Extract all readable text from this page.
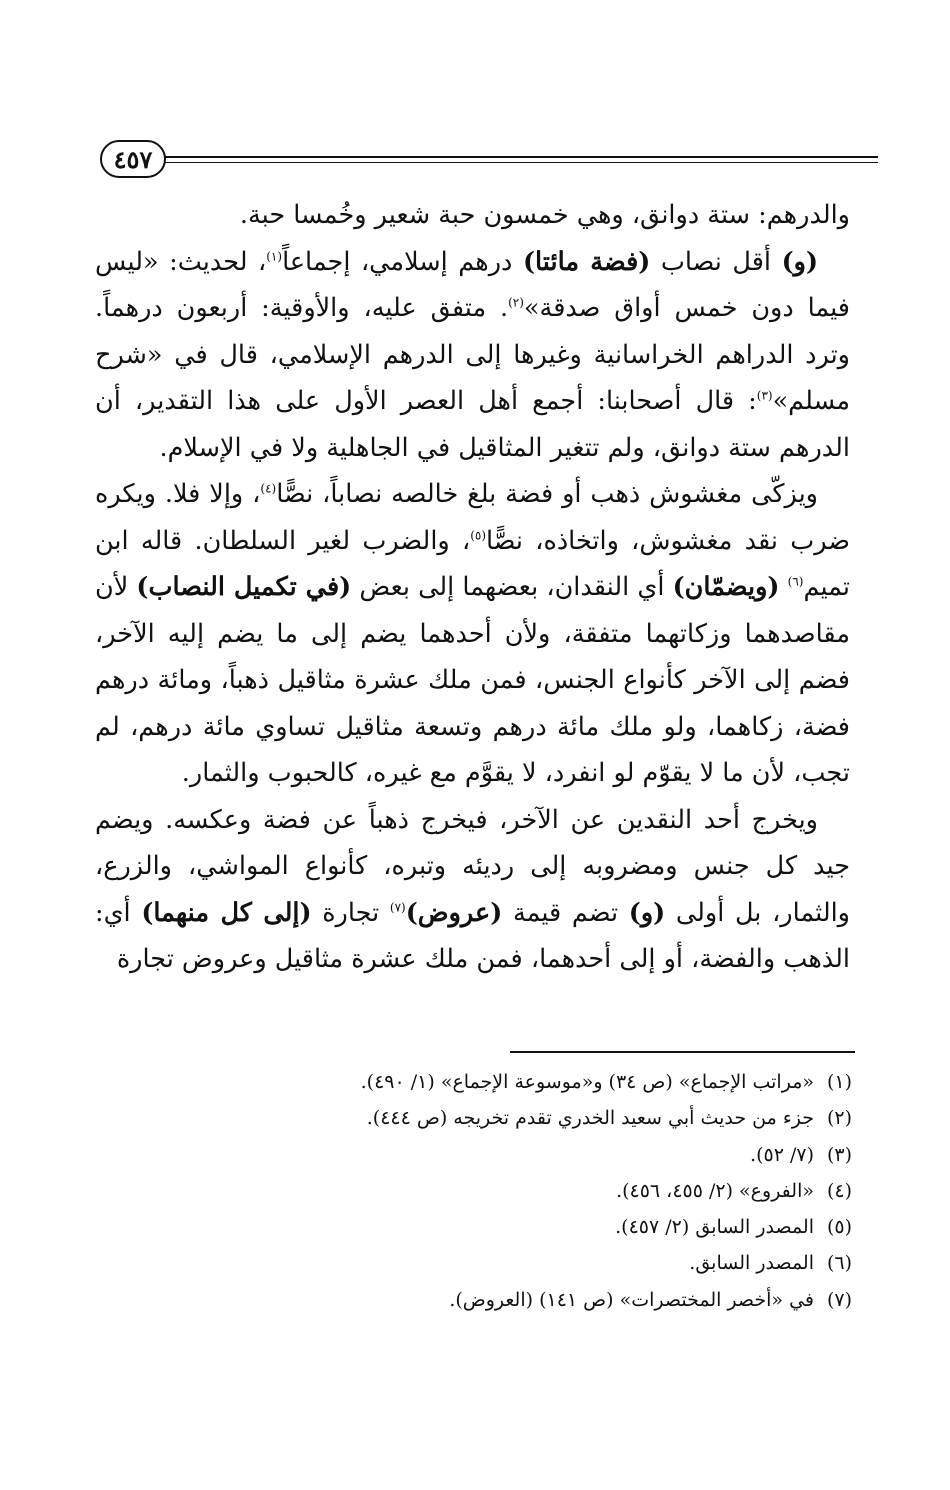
٤٥٧

والدرهم: ستة دوانق، وهي خمسون حبة شعير وخُمسا حبة.

(و) أقل نصاب (فضة مائتا) درهم إسلامي، إجماعاً$^{(١)}$، لحديث: «ليس فيما دون خمس أواق صدقة»$^{(٢)}$. متفق عليه، والأوقية: أربعون درهماً. وترد الدراهم الخراسانية وغيرها إلى الدرهم الإسلامي، قال في «شرح مسلم»$^{(٣)}$: قال أصحابنا: أجمع أهل العصر الأول على هذا التقدير، أن الدرهم ستة دوانق، ولم تتغير المثاقيل في الجاهلية ولا في الإسلام.

ويزكّى مغشوش ذهب أو فضة بلغ خالصه نصاباً، نصًّا$^{(٤)}$، وإلا فلا. ويكره ضرب نقد مغشوش، واتخاذه، نصًّا$^{(٥)}$، والضرب لغير السلطان. قاله ابن تميم$^{(٦)}$ (ويضمّان) أي النقدان، بعضهما إلى بعض (في تكميل النصاب) لأن مقاصدهما وزكاتهما متفقة، ولأن أحدهما يضم إلى ما يضم إليه الآخر، فضم إلى الآخر كأنواع الجنس، فمن ملك عشرة مثاقيل ذهباً، ومائة درهم فضة، زكاهما، ولو ملك مائة درهم وتسعة مثاقيل تساوي مائة درهم، لم تجب، لأن ما لا يقوّم لو انفرد، لا يقوَّم مع غيره، كالحبوب والثمار.

ويخرج أحد النقدين عن الآخر، فيخرج ذهباً عن فضة وعكسه. ويضم جيد كل جنس ومضروبه إلى رديئه وتبره، كأنواع المواشي، والزرع، والثمار، بل أولى (و) تضم قيمة (عروض)$^{(٧)}$ تجارة (إلى كل منهما) أي: الذهب والفضة، أو إلى أحدهما، فمن ملك عشرة مثاقيل وعروض تجارة

(١)«مراتب الإجماع» (ص ٣٤) و«موسوعة الإجماع» (١/ ٤٩٠).

(٢)جزء من حديث أبي سعيد الخدري تقدم تخريجه (ص ٤٤٤).

(٣)(٧/ ٥٢).

(٤)«الفروع» (٢/ ٤٥٥، ٤٥٦).

(٥)المصدر السابق (٢/ ٤٥٧).

(٦)المصدر السابق.

(٧)في «أخصر المختصرات» (ص ١٤١) (العروض).
